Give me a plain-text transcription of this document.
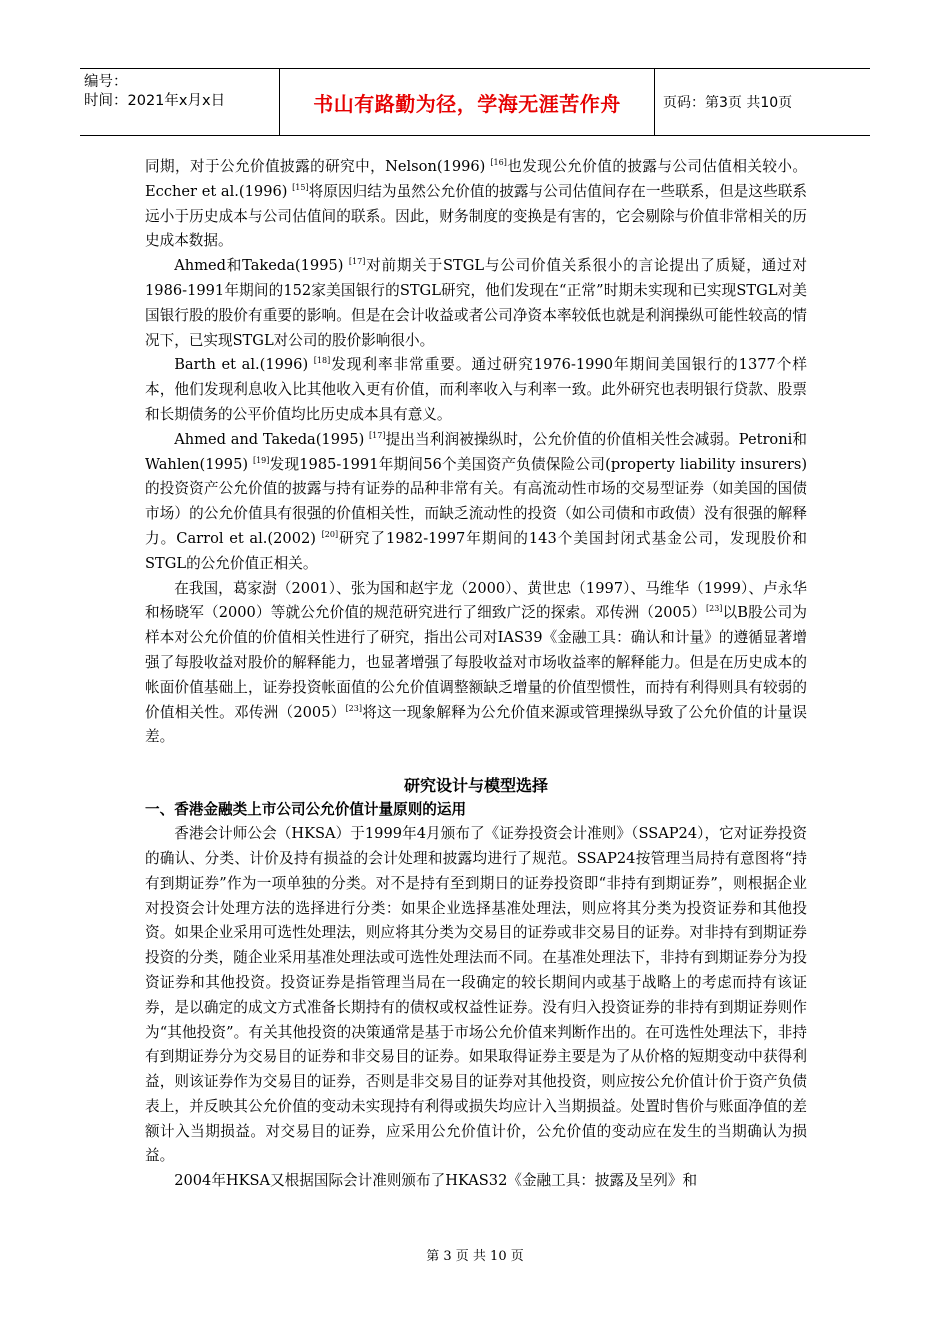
编号：
时间：2021年x月x日	书山有路勤为径，学海无涯苦作舟	页码：第3页 共10页

同期，对于公允价值披露的研究中，Nelson(1996) [16]也发现公允价值的披露与公司估值相关较小。Eccher et al.(1996) [15]将原因归结为虽然公允价值的披露与公司估值间存在一些联系，但是这些联系远小于历史成本与公司估值间的联系。因此，财务制度的变换是有害的，它会剔除与价值非常相关的历史成本数据。

Ahmed和Takeda(1995) [17]对前期关于STGL与公司价值关系很小的言论提出了质疑，通过对1986-1991年期间的152家美国银行的STGL研究，他们发现在“正常”时期未实现和已实现STGL对美国银行股的股价有重要的影响。但是在会计收益或者公司净资本率较低也就是利润操纵可能性较高的情况下，已实现STGL对公司的股价影响很小。

Barth et al.(1996) [18]发现利率非常重要。通过研究1976-1990年期间美国银行的1377个样本，他们发现利息收入比其他收入更有价值，而利率收入与利率一致。此外研究也表明银行贷款、股票和长期债务的公平价值均比历史成本具有意义。

Ahmed and Takeda(1995) [17]提出当利润被操纵时，公允价值的价值相关性会减弱。Petroni和Wahlen(1995) [19]发现1985-1991年期间56个美国资产负债保险公司(property liability insurers)的投资资产公允价值的披露与持有证券的品种非常有关。有高流动性市场的交易型证券（如美国的国债市场）的公允价值具有很强的价值相关性，而缺乏流动性的投资（如公司债和市政债）没有很强的解释力。Carrol et al.(2002) [20]研究了1982-1997年期间的143个美国封闭式基金公司，发现股价和STGL的公允价值正相关。

在我国，葛家澍（2001）、张为国和赵宇龙（2000）、黄世忠（1997）、马维华（1999）、卢永华和杨晓军（2000）等就公允价值的规范研究进行了细致广泛的探索。邓传洲（2005）[23]以B股公司为样本对公允价值的价值相关性进行了研究，指出公司对IAS39《金融工具：确认和计量》的遵循显著增强了每股收益对股价的解释能力，也显著增强了每股收益对市场收益率的解释能力。但是在历史成本的帐面价值基础上，证券投资帐面值的公允价值调整额缺乏增量的价值型惯性，而持有利得则具有较弱的价值相关性。邓传洲（2005）[23]将这一现象解释为公允价值来源或管理操纵导致了公允价值的计量误差。

研究设计与模型选择
一、香港金融类上市公司公允价值计量原则的运用

香港会计师公会（HKSA）于1999年4月颁布了《证券投资会计准则》（SSAP24），它对证券投资的确认、分类、计价及持有损益的会计处理和披露均进行了规范。SSAP24按管理当局持有意图将“持有到期证券”作为一项单独的分类。对不是持有至到期日的证券投资即“非持有到期证券”，则根据企业对投资会计处理方法的选择进行分类：如果企业选择基准处理法，则应将其分类为投资证券和其他投资。如果企业采用可选性处理法，则应将其分类为交易目的证券或非交易目的证券。对非持有到期证券投资的分类，随企业采用基准处理法或可选性处理法而不同。在基准处理法下，非持有到期证券分为投资证券和其他投资。投资证券是指管理当局在一段确定的较长期间内或基于战略上的考虑而持有该证券，是以确定的成文方式准备长期持有的债权或权益性证券。没有归入投资证券的非持有到期证券则作为“其他投资”。有关其他投资的决策通常是基于市场公允价值来判断作出的。在可选性处理法下，非持有到期证券分为交易目的证券和非交易目的证券。如果取得证券主要是为了从价格的短期变动中获得利益，则该证券作为交易目的证券，否则是非交易目的证券对其他投资，则应按公允价值计价于资产负债表上，并反映其公允价值的变动未实现持有利得或损失均应计入当期损益。处置时售价与账面净值的差额计入当期损益。对交易目的证券，应采用公允价值计价，公允价值的变动应在发生的当期确认为损益。

2004年HKSA又根据国际会计准则颁布了HKAS32《金融工具：披露及呈列》和

第 3 页 共 10 页
